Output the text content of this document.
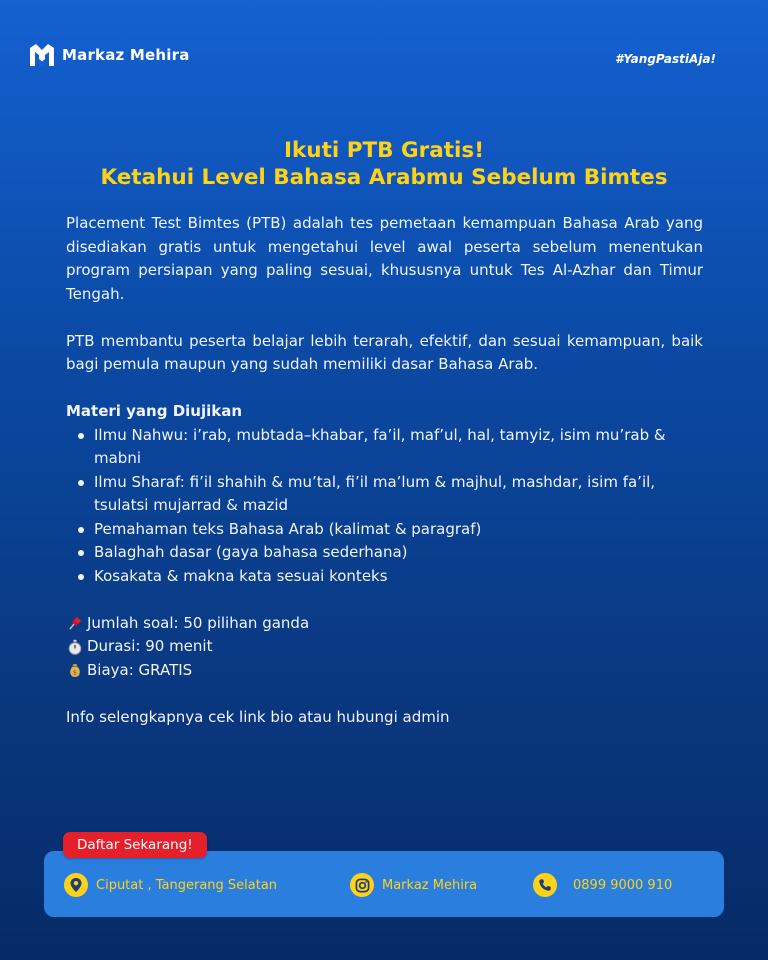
Markaz Mehira	#YangPastiAja!
Ikuti PTB Gratis!
Ketahui Level Bahasa Arabmu Sebelum Bimtes

Placement Test Bimtes (PTB) adalah tes pemetaan kemampuan Bahasa Arab yang disediakan gratis untuk mengetahui level awal peserta sebelum menentukan program persiapan yang paling sesuai, khususnya untuk Tes Al-Azhar dan Timur Tengah.

PTB membantu peserta belajar lebih terarah, efektif, dan sesuai kemampuan, baik bagi pemula maupun yang sudah memiliki dasar Bahasa Arab.

Materi yang Diujikan
Ilmu Nahwu: i’rab, mubtada–khabar, fa’il, maf’ul, hal, tamyiz, isim mu’rab & mabni
Ilmu Sharaf: fi’il shahih & mu’tal, fi’il ma’lum & majhul, mashdar, isim fa’il, tsulatsi mujarrad & mazid
Pemahaman teks Bahasa Arab (kalimat & paragraf)
Balaghah dasar (gaya bahasa sederhana)
Kosakata & makna kata sesuai konteks
Jumlah soal: 50 pilihan ganda
Durasi: 90 menit
$ Biaya: GRATIS

Info selengkapnya cek link bio atau hubungi admin

Daftar Sekarang!
Ciputat , Tangerang Selatan	Markaz Mehira	0899 9000 910
